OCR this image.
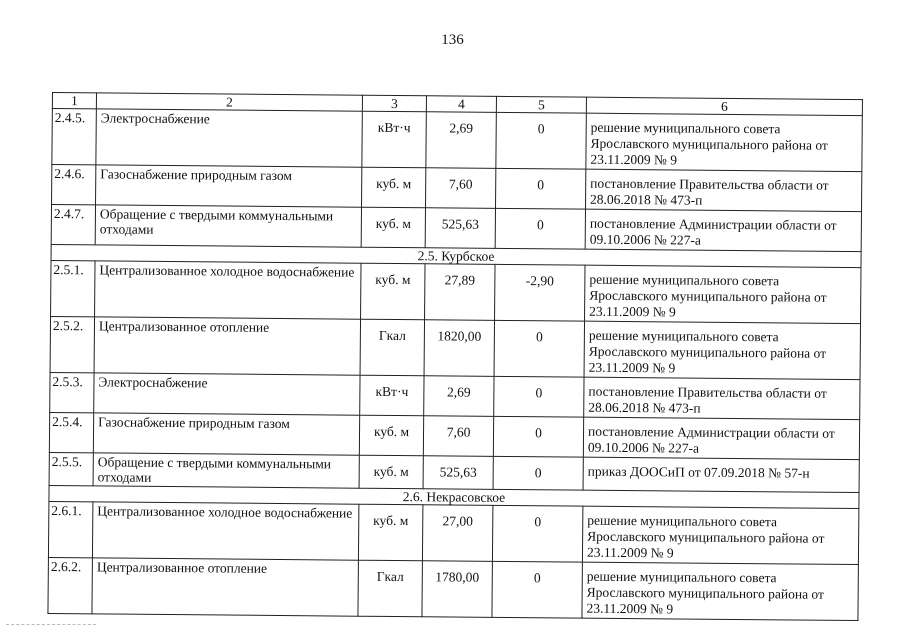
136
1	2	3	4	5	6
2.4.5.	Электроснабжение	кВт·ч	2,69	0	решение муниципального совета Ярославского муниципального района от 23.11.2009 № 9
2.4.6.	Газоснабжение природным газом	куб. м	7,60	0	постановление Правительства области от 28.06.2018 № 473-п
2.4.7.	Обращение с твердыми коммунальными отходами	куб. м	525,63	0	постановление Администрации области от 09.10.2006 № 227-а
2.5. Курбское					
2.5.1.	Централизованное холодное водоснабжение	куб. м	27,89	-2,90	решение муниципального совета Ярославского муниципального района от 23.11.2009 № 9
2.5.2.	Централизованное отопление	Гкал	1820,00	0	решение муниципального совета Ярославского муниципального района от 23.11.2009 № 9
2.5.3.	Электроснабжение	кВт·ч	2,69	0	постановление Правительства области от 28.06.2018 № 473-п
2.5.4.	Газоснабжение природным газом	куб. м	7,60	0	постановление Администрации области от 09.10.2006 № 227-а
2.5.5.	Обращение с твердыми коммунальными отходами	куб. м	525,63	0	приказ ДООСиП от 07.09.2018 № 57-н
2.6. Некрасовское					
2.6.1.	Централизованное холодное водоснабжение	куб. м	27,00	0	решение муниципального совета Ярославского муниципального района от 23.11.2009 № 9
2.6.2.	Централизованное отопление	Гкал	1780,00	0	решение муниципального совета Ярославского муниципального района от 23.11.2009 № 9
